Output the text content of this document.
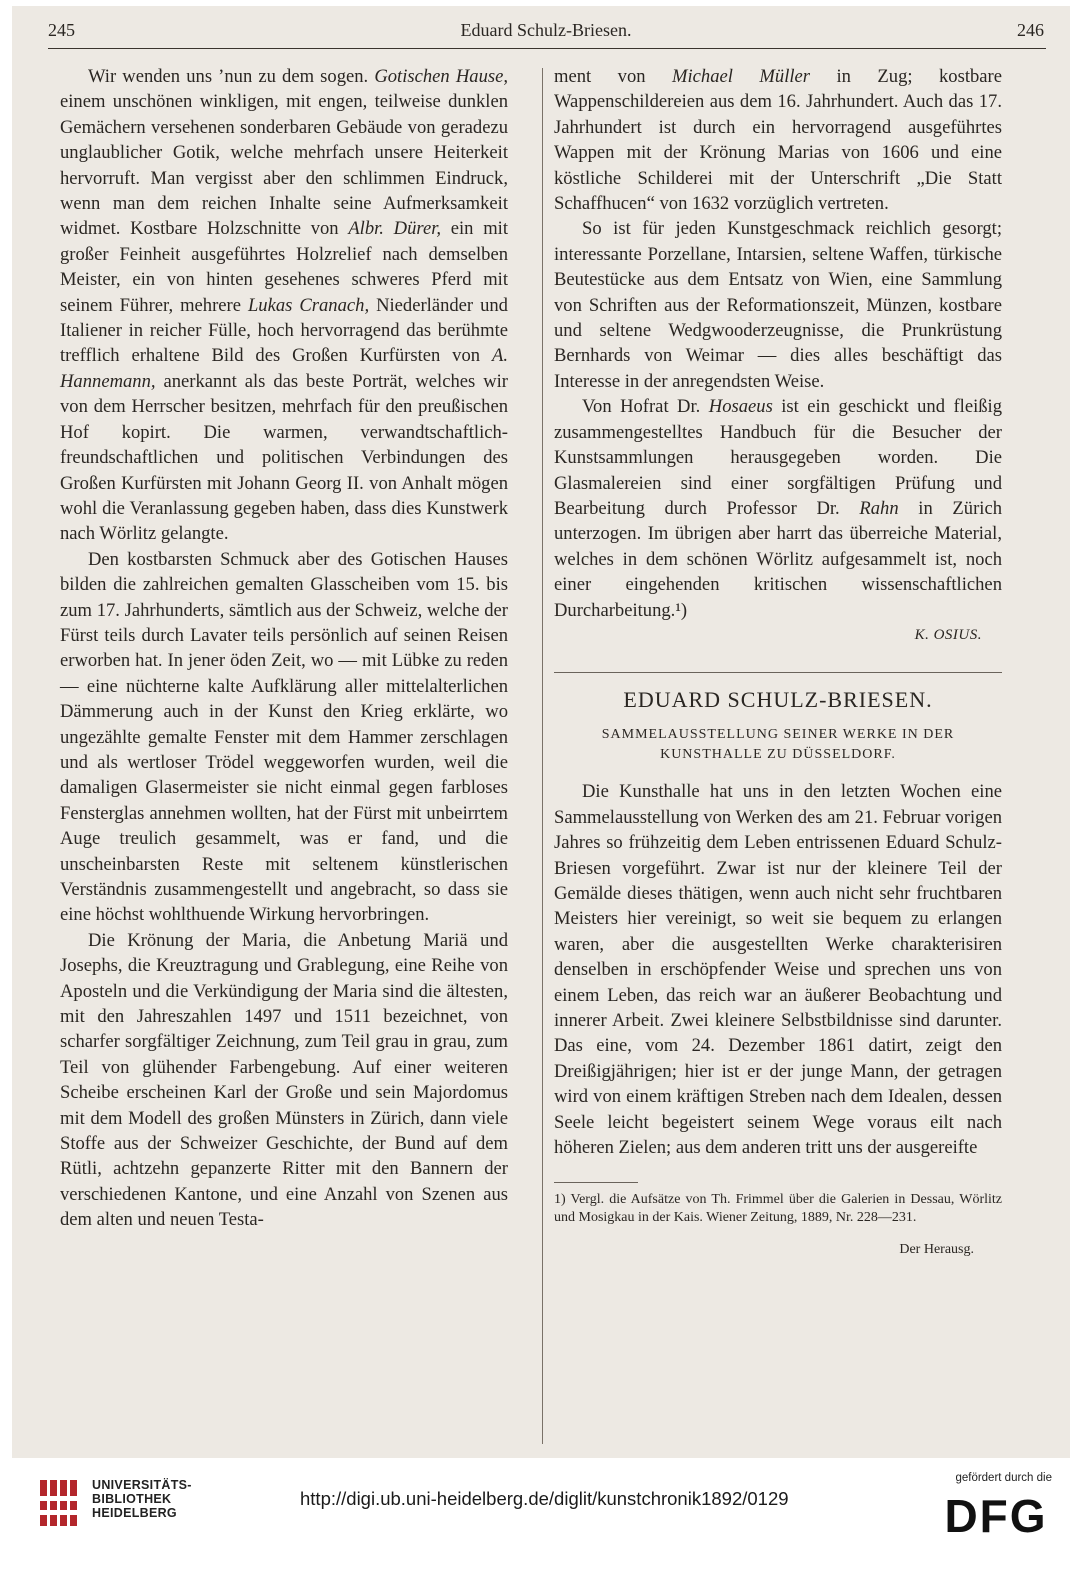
245	Eduard Schulz-Briesen.	246

Wir wenden uns ’nun zu dem sogen. Gotischen Hause, einem unschönen winkligen, mit engen, teilweise dunklen Gemächern versehenen sonderbaren Gebäude von geradezu unglaublicher Gotik, welche mehrfach unsere Heiterkeit hervorruft. Man vergisst aber den schlimmen Eindruck, wenn man dem reichen Inhalte seine Aufmerksamkeit widmet. Kostbare Holzschnitte von Albr. Dürer, ein mit großer Feinheit ausgeführtes Holzrelief nach demselben Meister, ein von hinten gesehenes schweres Pferd mit seinem Führer, mehrere Lukas Cranach, Niederländer und Italiener in reicher Fülle, hoch hervorragend das berühmte trefflich erhaltene Bild des Großen Kurfürsten von A. Hannemann, anerkannt als das beste Porträt, welches wir von dem Herrscher besitzen, mehrfach für den preußischen Hof kopirt. Die warmen, verwandtschaftlich-freundschaftlichen und politischen Verbindungen des Großen Kurfürsten mit Johann Georg II. von Anhalt mögen wohl die Veranlassung gegeben haben, dass dies Kunstwerk nach Wörlitz gelangte.

Den kostbarsten Schmuck aber des Gotischen Hauses bilden die zahlreichen gemalten Glasscheiben vom 15. bis zum 17. Jahrhunderts, sämtlich aus der Schweiz, welche der Fürst teils durch Lavater teils persönlich auf seinen Reisen erworben hat. In jener öden Zeit, wo — mit Lübke zu reden — eine nüchterne kalte Aufklärung aller mittelalterlichen Dämmerung auch in der Kunst den Krieg erklärte, wo ungezählte gemalte Fenster mit dem Hammer zerschlagen und als wertloser Trödel weggeworfen wurden, weil die damaligen Glasermeister sie nicht einmal gegen farbloses Fensterglas annehmen wollten, hat der Fürst mit unbeirrtem Auge treulich gesammelt, was er fand, und die unscheinbarsten Reste mit seltenem künstlerischen Verständnis zusammengestellt und angebracht, so dass sie eine höchst wohlthuende Wirkung hervorbringen.

Die Krönung der Maria, die Anbetung Mariä und Josephs, die Kreuztragung und Grablegung, eine Reihe von Aposteln und die Verkündigung der Maria sind die ältesten, mit den Jahreszahlen 1497 und 1511 bezeichnet, von scharfer sorgfältiger Zeichnung, zum Teil grau in grau, zum Teil von glühender Farbengebung. Auf einer weiteren Scheibe erscheinen Karl der Große und sein Majordomus mit dem Modell des großen Münsters in Zürich, dann viele Stoffe aus der Schweizer Geschichte, der Bund auf dem Rütli, achtzehn gepanzerte Ritter mit den Bannern der verschiedenen Kantone, und eine Anzahl von Szenen aus dem alten und neuen Testa-

ment von Michael Müller in Zug; kostbare Wappenschildereien aus dem 16. Jahrhundert. Auch das 17. Jahrhundert ist durch ein hervorragend ausgeführtes Wappen mit der Krönung Marias von 1606 und eine köstliche Schilderei mit der Unterschrift „Die Statt Schaffhucen“ von 1632 vorzüglich vertreten.

So ist für jeden Kunstgeschmack reichlich gesorgt; interessante Porzellane, Intarsien, seltene Waffen, türkische Beutestücke aus dem Entsatz von Wien, eine Sammlung von Schriften aus der Reformationszeit, Münzen, kostbare und seltene Wedgwooderzeugnisse, die Prunkrüstung Bernhards von Weimar — dies alles beschäftigt das Interesse in der anregendsten Weise.

Von Hofrat Dr. Hosaeus ist ein geschickt und fleißig zusammengestelltes Handbuch für die Besucher der Kunstsammlungen herausgegeben worden. Die Glasmalereien sind einer sorgfältigen Prüfung und Bearbeitung durch Professor Dr. Rahn in Zürich unterzogen. Im übrigen aber harrt das überreiche Material, welches in dem schönen Wörlitz aufgesammelt ist, noch einer eingehenden kritischen wissenschaftlichen Durcharbeitung.¹)

K. OSIUS.

EDUARD SCHULZ-BRIESEN.
SAMMELAUSSTELLUNG SEINER WERKE IN DER KUNSTHALLE ZU DÜSSELDORF.

Die Kunsthalle hat uns in den letzten Wochen eine Sammelausstellung von Werken des am 21. Februar vorigen Jahres so frühzeitig dem Leben entrissenen Eduard Schulz-Briesen vorgeführt. Zwar ist nur der kleinere Teil der Gemälde dieses thätigen, wenn auch nicht sehr fruchtbaren Meisters hier vereinigt, so weit sie bequem zu erlangen waren, aber die ausgestellten Werke charakterisiren denselben in erschöpfender Weise und sprechen uns von einem Leben, das reich war an äußerer Beobachtung und innerer Arbeit. Zwei kleinere Selbstbildnisse sind darunter. Das eine, vom 24. Dezember 1861 datirt, zeigt den Dreißigjährigen; hier ist er der junge Mann, der getragen wird von einem kräftigen Streben nach dem Idealen, dessen Seele leicht begeistert seinem Wege voraus eilt nach höheren Zielen; aus dem anderen tritt uns der ausgereifte

1) Vergl. die Aufsätze von Th. Frimmel über die Galerien in Dessau, Wörlitz und Mosigkau in der Kais. Wiener Zeitung, 1889, Nr. 228—231.
Der Herausg.
UNIVERSITÄTS-
BIBLIOTHEK
HEIDELBERG
http://digi.ub.uni-heidelberg.de/diglit/kunstchronik1892/0129
gefördert durch die
DFG
